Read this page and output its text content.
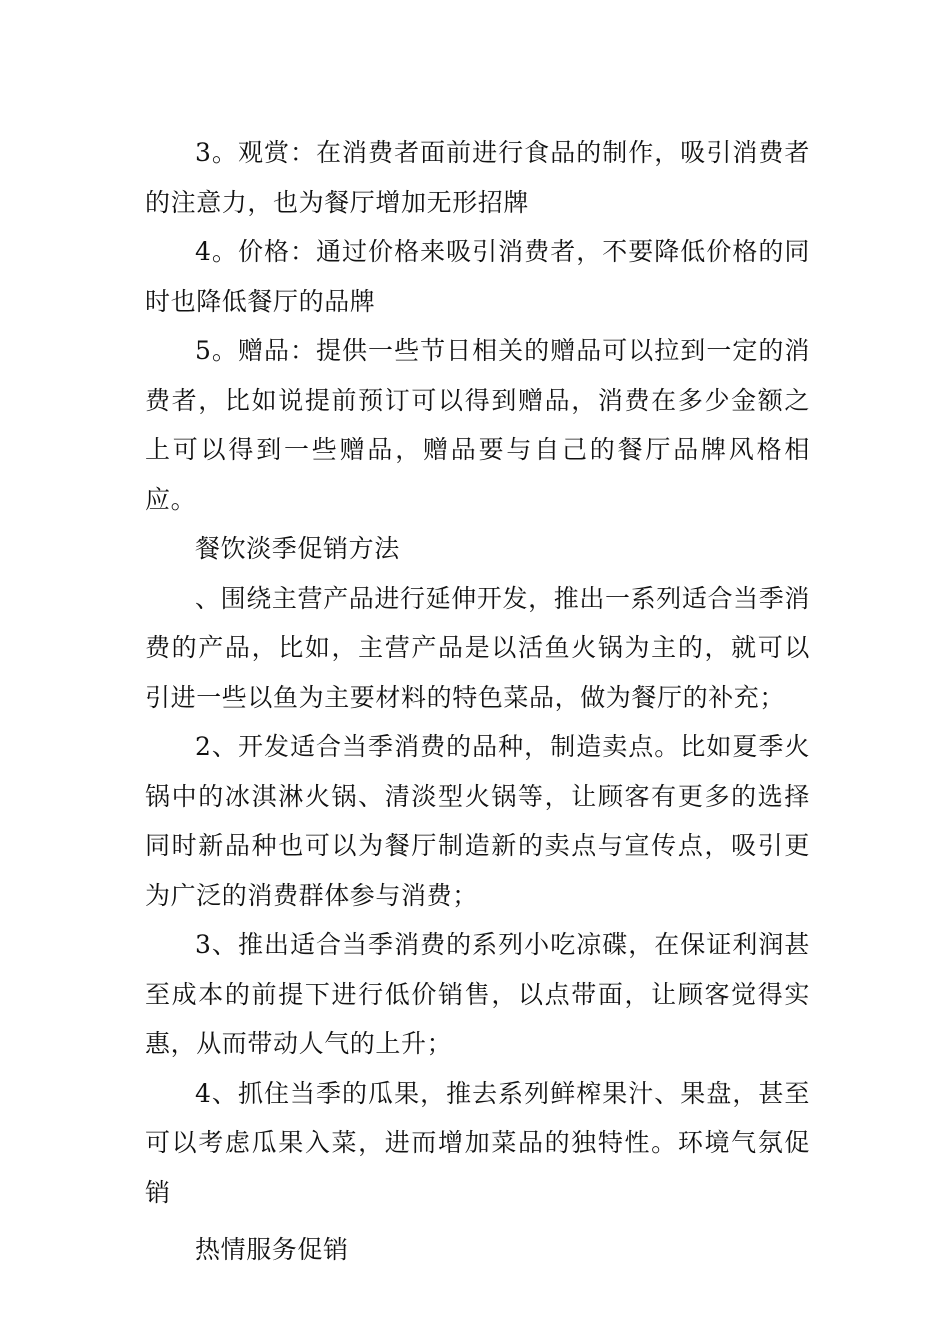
3。观赏：在消费者面前进行食品的制作，吸引消费者的注意力，也为餐厅增加无形招牌

4。价格：通过价格来吸引消费者，不要降低价格的同时也降低餐厅的品牌

5。赠品：提供一些节日相关的赠品可以拉到一定的消费者，比如说提前预订可以得到赠品，消费在多少金额之上可以得到一些赠品，赠品要与自己的餐厅品牌风格相应。

餐饮淡季促销方法

、围绕主营产品进行延伸开发，推出一系列适合当季消费的产品，比如，主营产品是以活鱼火锅为主的，就可以引进一些以鱼为主要材料的特色菜品，做为餐厅的补充；

2、开发适合当季消费的品种，制造卖点。比如夏季火锅中的冰淇淋火锅、清淡型火锅等，让顾客有更多的选择同时新品种也可以为餐厅制造新的卖点与宣传点，吸引更为广泛的消费群体参与消费；

3、推出适合当季消费的系列小吃凉碟，在保证利润甚至成本的前提下进行低价销售，以点带面，让顾客觉得实惠，从而带动人气的上升；

4、抓住当季的瓜果，推去系列鲜榨果汁、果盘，甚至可以考虑瓜果入菜，进而增加菜品的独特性。环境气氛促销

热情服务促销
